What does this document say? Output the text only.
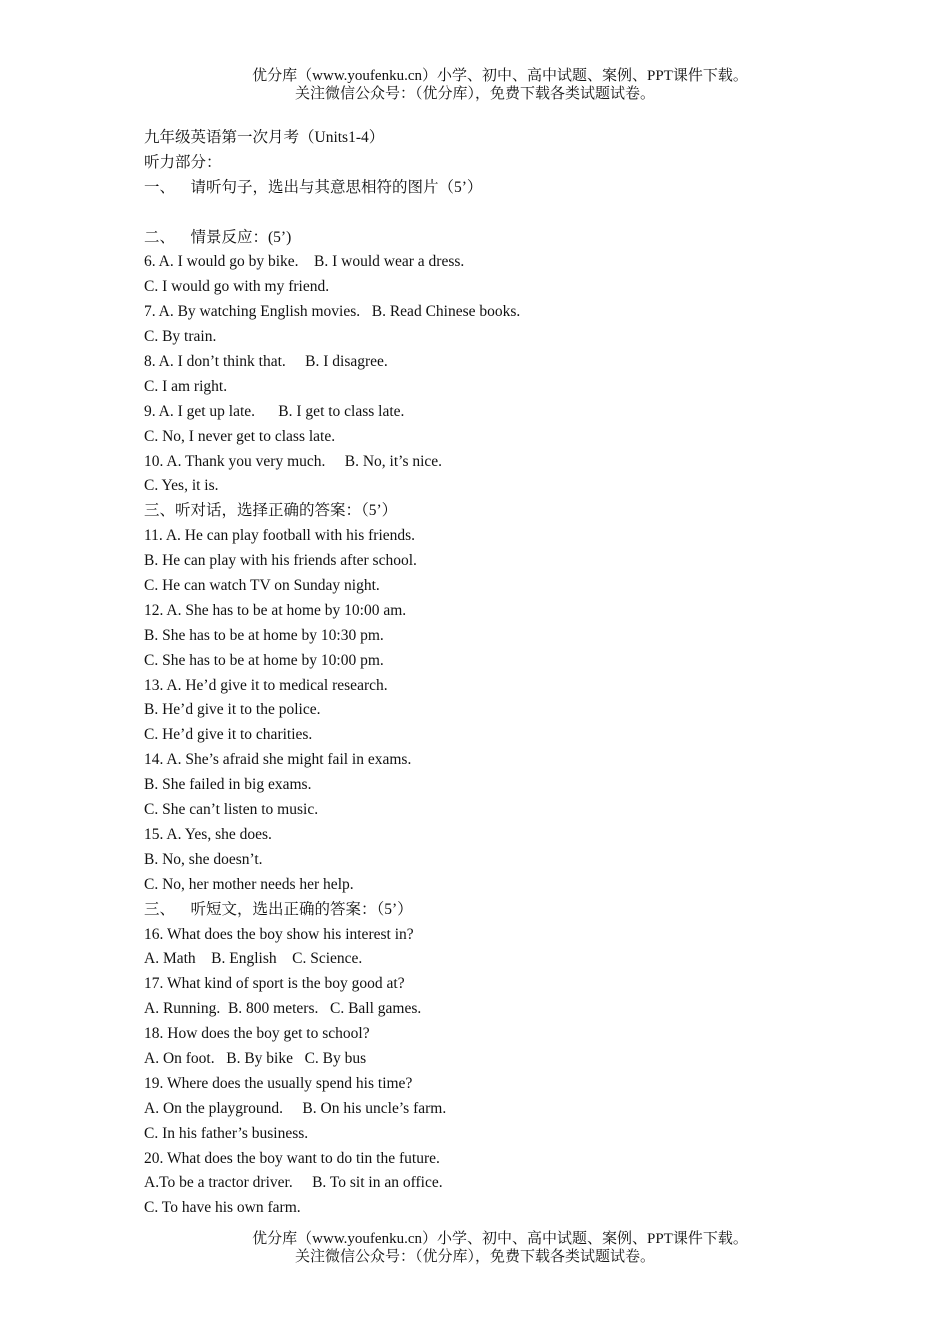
优分库（www.youfenku.cn）小学、初中、高中试题、案例、PPT课件下载。
关注微信公众号：（优分库），免费下载各类试题试卷。
九年级英语第一次月考（Units1-4）
听力部分：
一、    请听句子，选出与其意思相符的图片（5’）
二、    情景反应：(5’)
6. A. I would go by bike.    B. I would wear a dress.
C. I would go with my friend.
7. A. By watching English movies.   B. Read Chinese books.
C. By train.
8. A. I don’t think that.     B. I disagree.
C. I am right.
9. A. I get up late.      B. I get to class late.
C. No, I never get to class late.
10. A. Thank you very much.     B. No, it’s nice.
C. Yes, it is.
三、听对话，选择正确的答案：（5’）
11. A. He can play football with his friends.
B. He can play with his friends after school.
C. He can watch TV on Sunday night.
12. A. She has to be at home by 10:00 am.
B. She has to be at home by 10:30 pm.
C. She has to be at home by 10:00 pm.
13. A. He’d give it to medical research.
B. He’d give it to the police.
C. He’d give it to charities.
14. A. She’s afraid she might fail in exams.
B. She failed in big exams.
C. She can’t listen to music.
15. A. Yes, she does.
B. No, she doesn’t.
C. No, her mother needs her help.
三、    听短文，选出正确的答案：（5’）
16. What does the boy show his interest in?
A. Math    B. English    C. Science.
17. What kind of sport is the boy good at?
A. Running.  B. 800 meters.   C. Ball games.
18. How does the boy get to school?
A. On foot.   B. By bike   C. By bus
19. Where does the usually spend his time?
A. On the playground.     B. On his uncle’s farm.
C. In his father’s business.
20. What does the boy want to do tin the future.
A.To be a tractor driver.     B. To sit in an office.
C. To have his own farm.
优分库（www.youfenku.cn）小学、初中、高中试题、案例、PPT课件下载。
关注微信公众号：（优分库），免费下载各类试题试卷。
